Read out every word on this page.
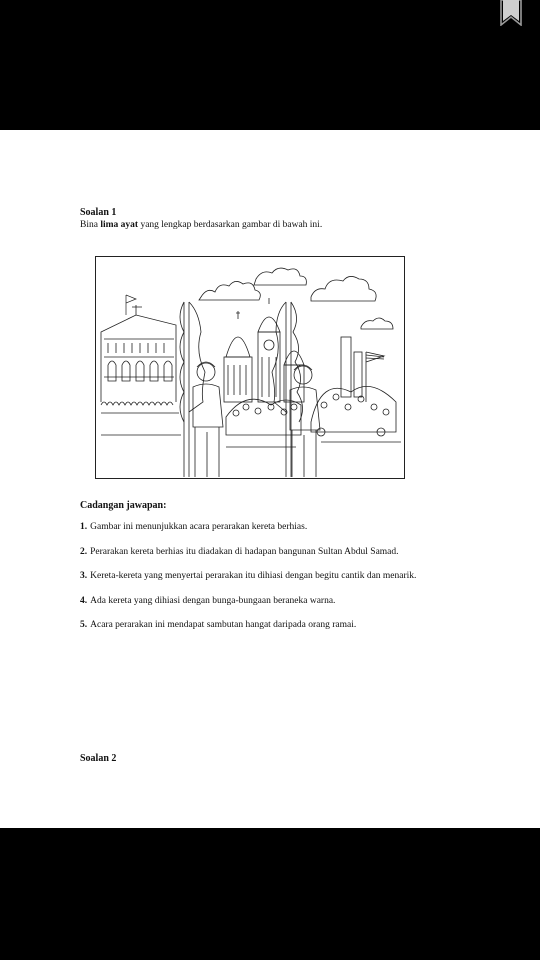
Soalan 1
Bina lima ayat yang lengkap berdasarkan gambar di bawah ini.
Cadangan jawapan:
1. Gambar ini menunjukkan acara perarakan kereta berhias.
2. Perarakan kereta berhias itu diadakan di hadapan bangunan Sultan Abdul Samad.
3. Kereta-kereta yang menyertai perarakan itu dihiasi dengan begitu cantik dan menarik.
4. Ada kereta yang dihiasi dengan bunga-bungaan beraneka warna.
5. Acara perarakan ini mendapat sambutan hangat daripada orang ramai.
Soalan 2
